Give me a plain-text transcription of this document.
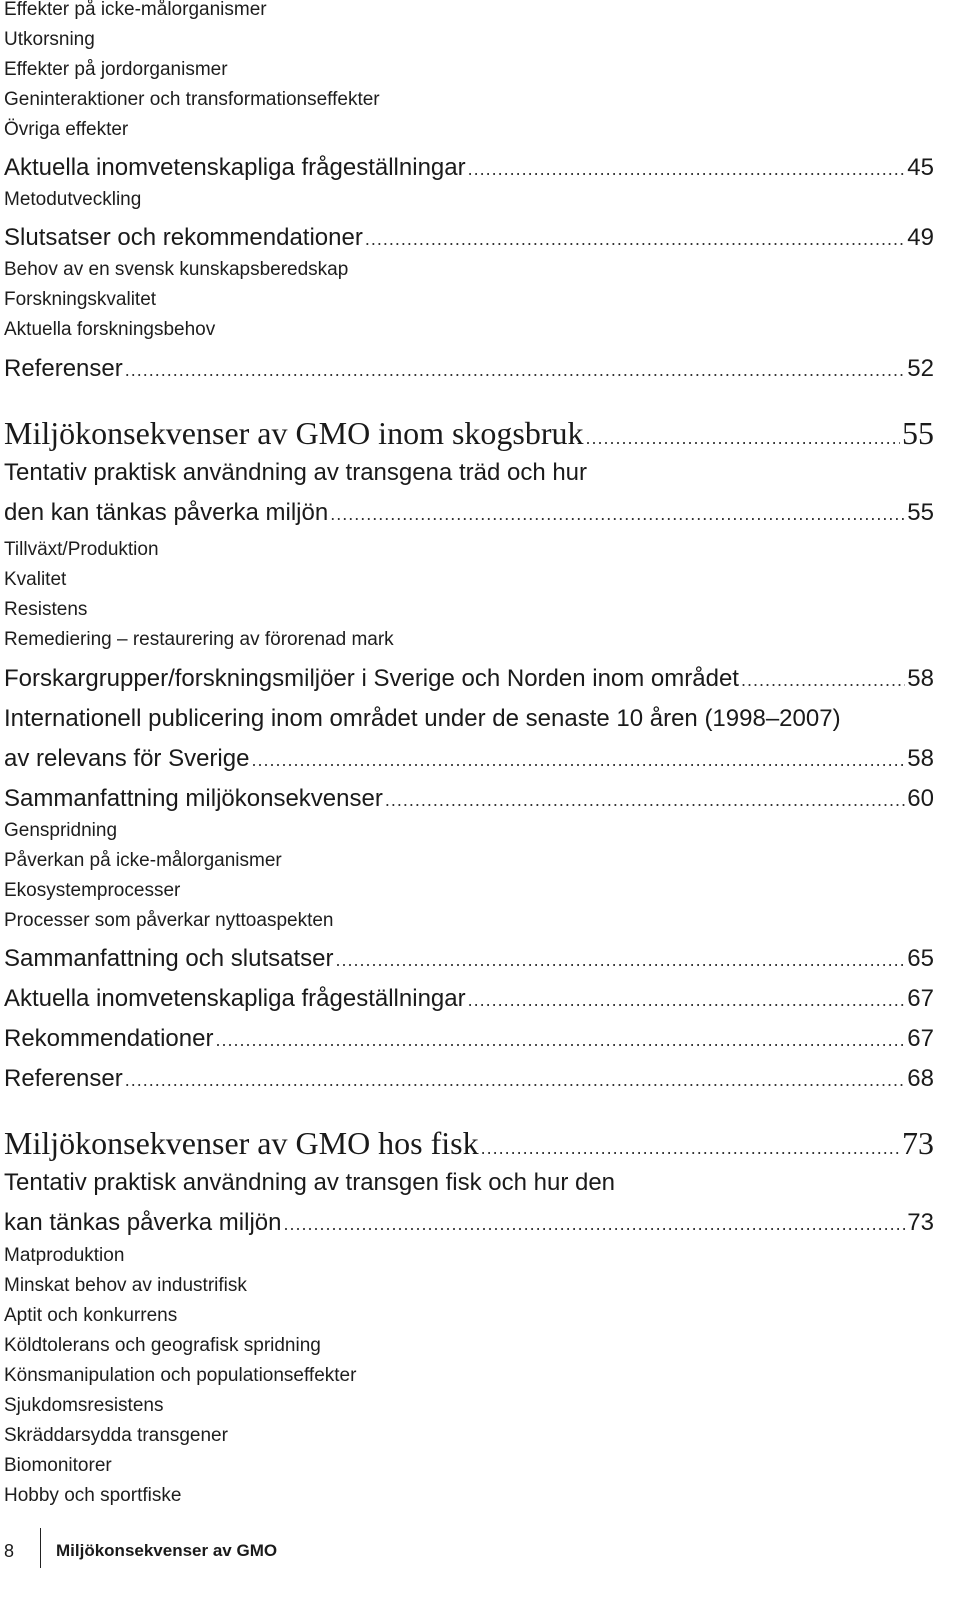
Effekter på icke-målorganismer
Utkorsning
Effekter på jordorganismer
Geninteraktioner och transformationseffekter
Övriga effekter
Aktuella inomvetenskapliga frågeställningar . . .	45
Metodutveckling
Slutsatser och rekommendationer . . .	49
Behov av en svensk kunskapsberedskap
Forskningskvalitet
Aktuella forskningsbehov
Referenser . . .	52
Miljökonsekvenser av GMO inom skogsbruk . . .	55
Tentativ praktisk användning av transgena träd och hur
den kan tänkas påverka miljön . . .	55
Tillväxt/Produktion
Kvalitet
Resistens
Remediering – restaurering av förorenad mark
Forskargrupper/forskningsmiljöer i Sverige och Norden inom området . . .	58
Internationell publicering inom området under de senaste 10 åren (1998–2007)
av relevans för Sverige . . .	58
Sammanfattning miljökonsekvenser . . .	60
Genspridning
Påverkan på icke-målorganismer
Ekosystemprocesser
Processer som påverkar nyttoaspekten
Sammanfattning och slutsatser . . .	65
Aktuella inomvetenskapliga frågeställningar . . .	67
Rekommendationer . . .	67
Referenser . . .	68
Miljökonsekvenser av GMO hos fisk . . .	73
Tentativ praktisk användning av transgen fisk och hur den
kan tänkas påverka miljön . . .	73
Matproduktion
Minskat behov av industrifisk
Aptit och konkurrens
Köldtolerans och geografisk spridning
Könsmanipulation och populationseffekter
Sjukdomsresistens
Skräddarsydda transgener
Biomonitorer
Hobby och sportfiske
8 Miljökonsekvenser av GMO
